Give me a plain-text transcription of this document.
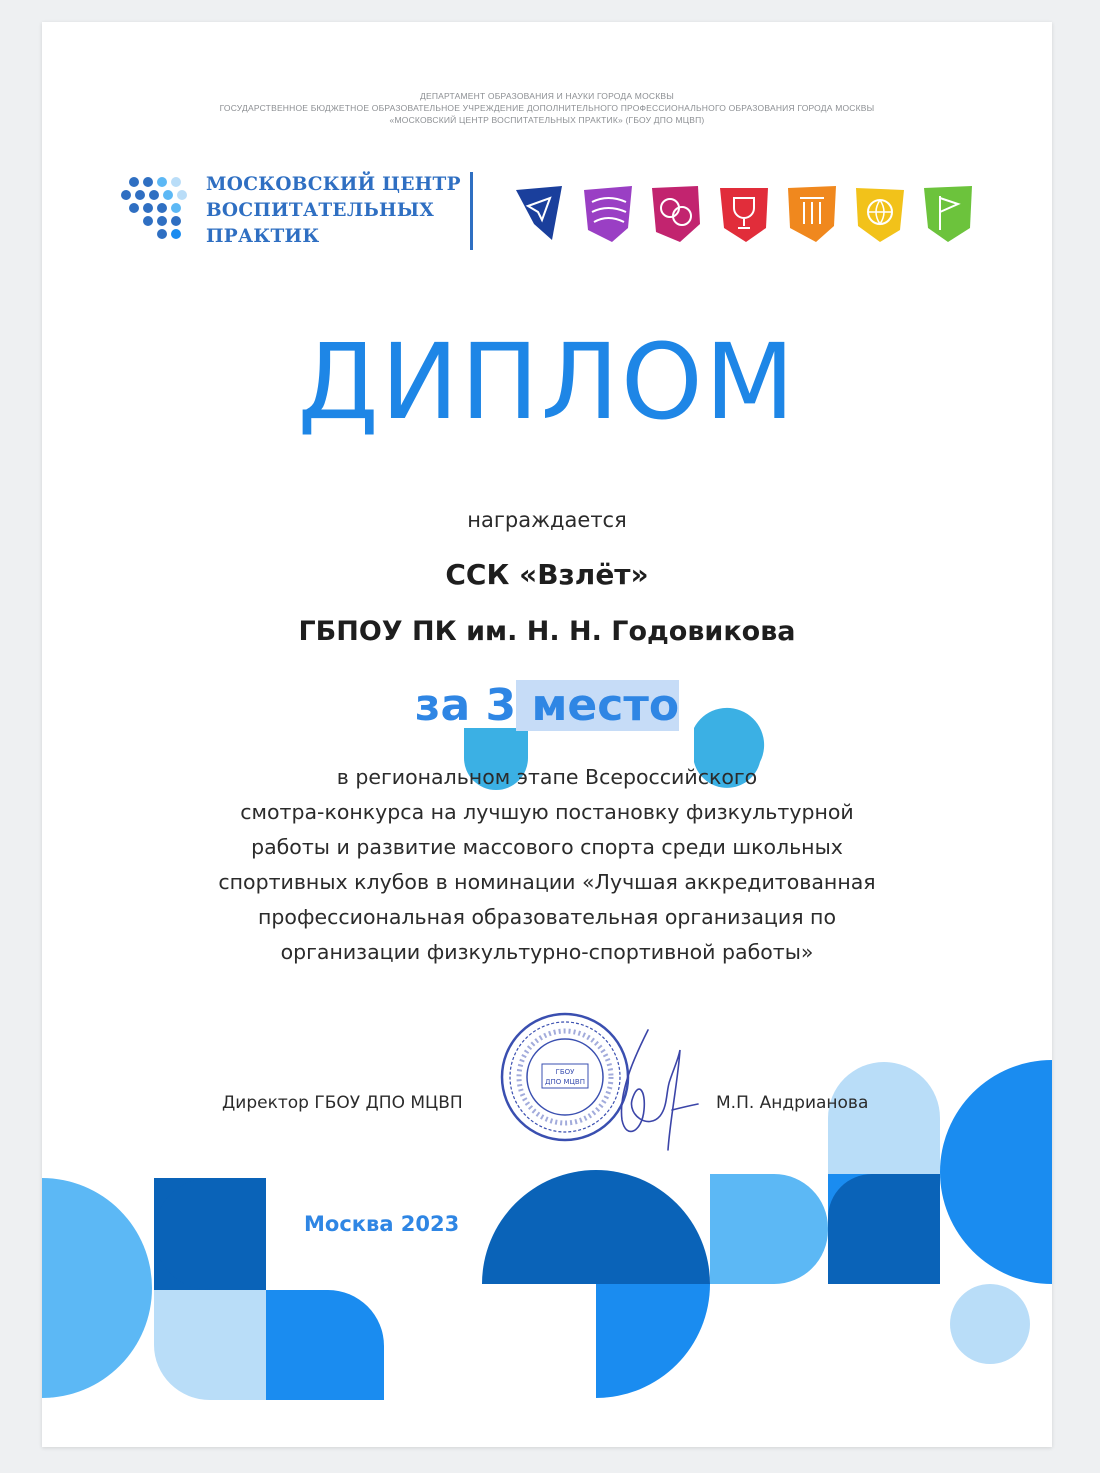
ДЕПАРТАМЕНТ ОБРАЗОВАНИЯ И НАУКИ ГОРОДА МОСКВЫ
ГОСУДАРСТВЕННОЕ БЮДЖЕТНОЕ ОБРАЗОВАТЕЛЬНОЕ УЧРЕЖДЕНИЕ ДОПОЛНИТЕЛЬНОГО ПРОФЕССИОНАЛЬНОГО ОБРАЗОВАНИЯ ГОРОДА МОСКВЫ
«МОСКОВСКИЙ ЦЕНТР ВОСПИТАТЕЛЬНЫХ ПРАКТИК» (ГБОУ ДПО МЦВП)
МОСКОВСКИЙ ЦЕНТР
ВОСПИТАТЕЛЬНЫХ
ПРАКТИК
ДИПЛОМ
награждается
ССК «Взлёт»
ГБПОУ ПК им. Н. Н. Годовикова
за 3 место
в региональном этапе Всероссийского
смотра-конкурса на лучшую постановку физкультурной
работы и развитие массового спорта среди школьных
спортивных клубов в номинации «Лучшая аккредитованная
профессиональная образовательная организация по
организации физкультурно-спортивной работы»
Директор ГБОУ ДПО МЦВП
ГБОУ
ДПО МЦВП
М.П. Андрианова
Москва 2023
